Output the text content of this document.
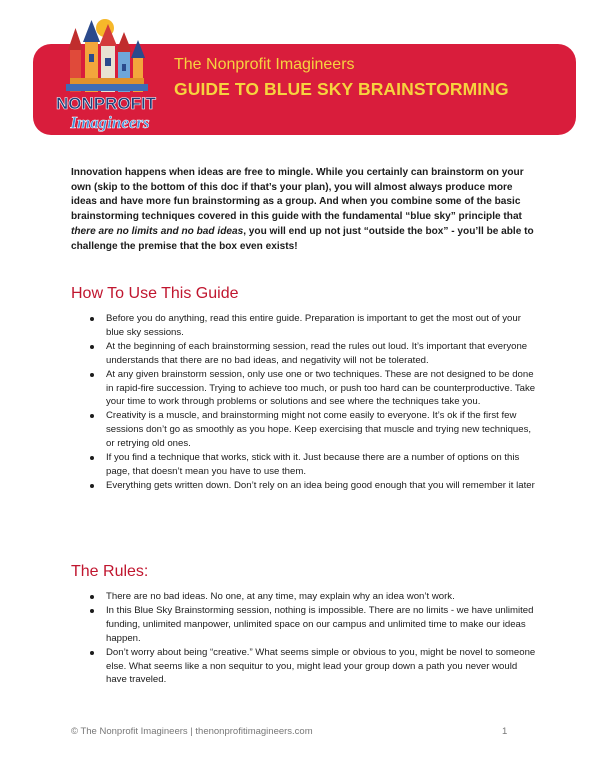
NONPROFIT
Imagineers
The Nonprofit Imagineers
GUIDE TO BLUE SKY BRAINSTORMING

Innovation happens when ideas are free to mingle. While you certainly can brainstorm on your own (skip to the bottom of this doc if that’s your plan), you will almost always produce more ideas and have more fun brainstorming as a group. And when you combine some of the basic brainstorming techniques covered in this guide with the fundamental “blue sky” principle that there are no limits and no bad ideas, you will end up not just “outside the box” - you’ll be able to challenge the premise that the box even exists!

How To Use This Guide
Before you do anything, read this entire guide. Preparation is important to get the most out of your blue sky sessions.
At the beginning of each brainstorming session, read the rules out loud. It’s important that everyone understands that there are no bad ideas, and negativity will not be tolerated.
At any given brainstorm session, only use one or two techniques. These are not designed to be done in rapid-fire succession. Trying to achieve too much, or push too hard can be counterproductive. Take your time to work through problems or solutions and see where the techniques take you.
Creativity is a muscle, and brainstorming might not come easily to everyone. It’s ok if the first few sessions don’t go as smoothly as you hope. Keep exercising that muscle and trying new techniques, or retrying old ones.
If you find a technique that works, stick with it. Just because there are a number of options on this page, that doesn’t mean you have to use them.
Everything gets written down. Don’t rely on an idea being good enough that you will remember it later
The Rules:
There are no bad ideas. No one, at any time, may explain why an idea won’t work.
In this Blue Sky Brainstorming session, nothing is impossible. There are no limits - we have unlimited funding, unlimited manpower, unlimited space on our campus and unlimited time to make our ideas happen.
Don’t worry about being “creative.” What seems simple or obvious to you, might be novel to someone else. What seems like a non sequitur to you, might lead your group down a path you never would have traveled.
© The Nonprofit Imagineers | thenonprofitimagineers.com	1
